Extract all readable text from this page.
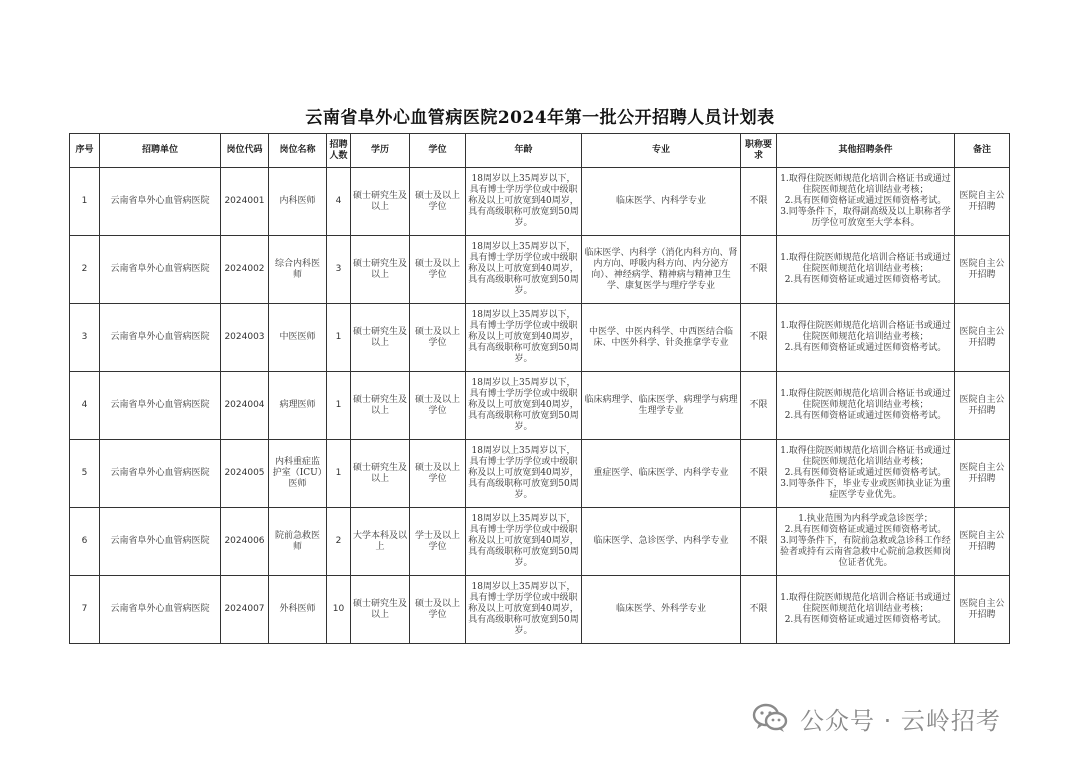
云南省阜外心血管病医院2024年第一批公开招聘人员计划表
序号	招聘单位	岗位代码	岗位名称	招聘人数	学历	学位	年龄	专业	职称要求	其他招聘条件	备注
1	云南省阜外心血管病医院	2024001	内科医师	4	硕士研究生及以上	硕士及以上学位	18周岁以上35周岁以下，具有博士学历学位或中级职称及以上可放宽到40周岁，具有高级职称可放宽到50周岁。	临床医学、内科学专业	不限	1.取得住院医师规范化培训合格证书或通过住院医师规范化培训结业考核；
2.具有医师资格证或通过医师资格考试。
3.同等条件下，取得副高级及以上职称者学历学位可放宽至大学本科。	医院自主公开招聘
2	云南省阜外心血管病医院	2024002	综合内科医师	3	硕士研究生及以上	硕士及以上学位	18周岁以上35周岁以下，具有博士学历学位或中级职称及以上可放宽到40周岁，具有高级职称可放宽到50周岁。	临床医学、内科学（消化内科方向、肾内方向、呼吸内科方向、内分泌方向）、神经病学、精神病与精神卫生学、康复医学与理疗学专业	不限	1.取得住院医师规范化培训合格证书或通过住院医师规范化培训结业考核；
2.具有医师资格证或通过医师资格考试。	医院自主公开招聘
3	云南省阜外心血管病医院	2024003	中医医师	1	硕士研究生及以上	硕士及以上学位	18周岁以上35周岁以下，具有博士学历学位或中级职称及以上可放宽到40周岁，具有高级职称可放宽到50周岁。	中医学、中医内科学、中西医结合临床、中医外科学、针灸推拿学专业	不限	1.取得住院医师规范化培训合格证书或通过住院医师规范化培训结业考核；
2.具有医师资格证或通过医师资格考试。	医院自主公开招聘
4	云南省阜外心血管病医院	2024004	病理医师	1	硕士研究生及以上	硕士及以上学位	18周岁以上35周岁以下，具有博士学历学位或中级职称及以上可放宽到40周岁，具有高级职称可放宽到50周岁。	临床病理学、临床医学、病理学与病理生理学专业	不限	1.取得住院医师规范化培训合格证书或通过住院医师规范化培训结业考核；
2.具有医师资格证或通过医师资格考试。	医院自主公开招聘
5	云南省阜外心血管病医院	2024005	内科重症监护室（ICU）医师	1	硕士研究生及以上	硕士及以上学位	18周岁以上35周岁以下，具有博士学历学位或中级职称及以上可放宽到40周岁，具有高级职称可放宽到50周岁。	重症医学、临床医学、内科学专业	不限	1.取得住院医师规范化培训合格证书或通过住院医师规范化培训结业考核；
2.具有医师资格证或通过医师资格考试。
3.同等条件下，毕业专业或医师执业证为重症医学专业优先。	医院自主公开招聘
6	云南省阜外心血管病医院	2024006	院前急救医师	2	大学本科及以上	学士及以上学位	18周岁以上35周岁以下，具有博士学历学位或中级职称及以上可放宽到40周岁，具有高级职称可放宽到50周岁。	临床医学、急诊医学、内科学专业	不限	1.执业范围为内科学或急诊医学；
2.具有医师资格证或通过医师资格考试。
3.同等条件下，有院前急救或急诊科工作经验者或持有云南省急救中心院前急救医师岗位证者优先。	医院自主公开招聘
7	云南省阜外心血管病医院	2024007	外科医师	10	硕士研究生及以上	硕士及以上学位	18周岁以上35周岁以下，具有博士学历学位或中级职称及以上可放宽到40周岁，具有高级职称可放宽到50周岁。	临床医学、外科学专业	不限	1.取得住院医师规范化培训合格证书或通过住院医师规范化培训结业考核；
2.具有医师资格证或通过医师资格考试。	医院自主公开招聘
公众号 · 云岭招考
